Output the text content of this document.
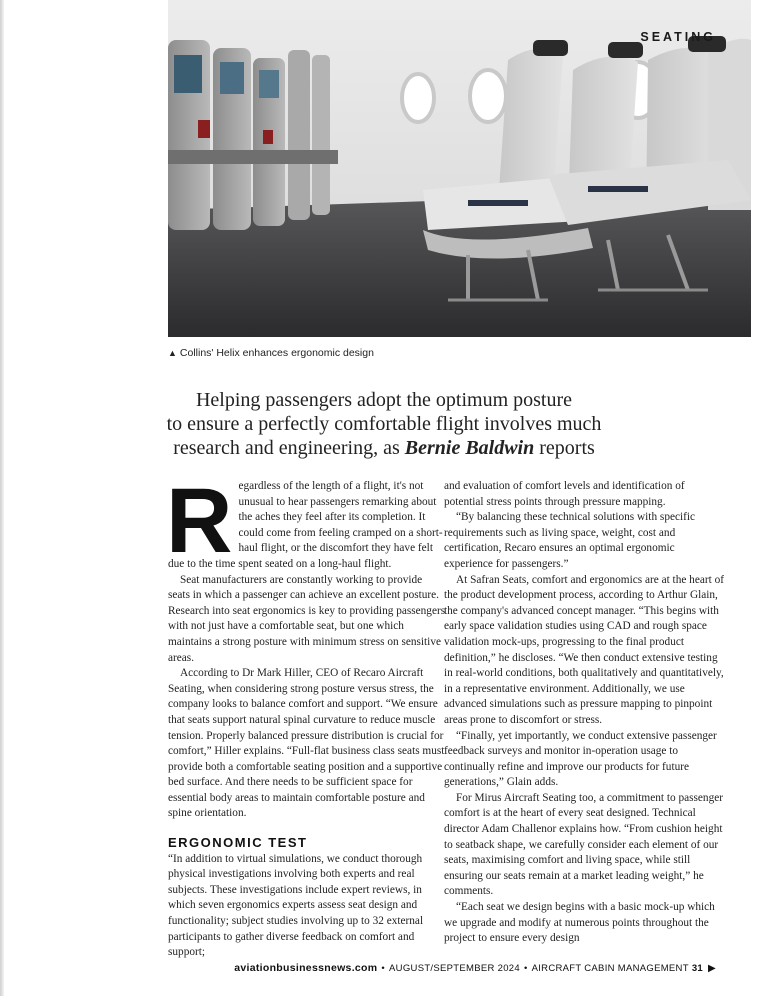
SEATING
▲ Collins' Helix enhances ergonomic design
Helping passengers adopt the optimum posture
to ensure a perfectly comfortable flight involves much
research and engineering, as Bernie Baldwin reports

Regardless of the length of a flight, it's not unusual to hear passengers remarking about the aches they feel after its completion. It could come from feeling cramped on a short-haul flight, or the discomfort they have felt due to the time spent seated on a long-haul flight.

Seat manufacturers are constantly working to provide seats in which a passenger can achieve an excellent posture. Research into seat ergonomics is key to providing passengers with not just have a comfortable seat, but one which maintains a strong posture with minimum stress on sensitive areas.

According to Dr Mark Hiller, CEO of Recaro Aircraft Seating, when considering strong posture versus stress, the company looks to balance comfort and support. “We ensure that seats support natural spinal curvature to reduce muscle tension. Properly balanced pressure distribution is crucial for comfort,” Hiller explains. “Full-flat business class seats must provide both a comfortable seating position and a supportive bed surface. And there needs to be sufficient space for essential body areas to maintain comfortable posture and spine orientation.

ERGONOMIC TEST

“In addition to virtual simulations, we conduct thorough physical investigations involving both experts and real subjects. These investigations include expert reviews, in which seven ergonomics experts assess seat design and functionality; subject studies involving up to 32 external participants to gather diverse feedback on comfort and support;

and evaluation of comfort levels and identification of potential stress points through pressure mapping.

“By balancing these technical solutions with specific requirements such as living space, weight, cost and certification, Recaro ensures an optimal ergonomic experience for passengers.”

At Safran Seats, comfort and ergonomics are at the heart of the product development process, according to Arthur Glain, the company's advanced concept manager. “This begins with early space validation studies using CAD and rough space validation mock-ups, progressing to the final product definition,” he discloses. “We then conduct extensive testing in real-world conditions, both qualitatively and quantitatively, in a representative environment. Additionally, we use advanced simulations such as pressure mapping to pinpoint areas prone to discomfort or stress.

“Finally, yet importantly, we conduct extensive passenger feedback surveys and monitor in-operation usage to continually refine and improve our products for future generations,” Glain adds.

For Mirus Aircraft Seating too, a commitment to passenger comfort is at the heart of every seat designed. Technical director Adam Challenor explains how. “From cushion height to seatback shape, we carefully consider each element of our seats, maximising comfort and living space, while still ensuring our seats remain at a market leading weight,” he comments.

“Each seat we design begins with a basic mock-up which we upgrade and modify at numerous points throughout the project to ensure every design

aviationbusinessnews.com • AUGUST/SEPTEMBER 2024 • AIRCRAFT CABIN MANAGEMENT 31 ▶
